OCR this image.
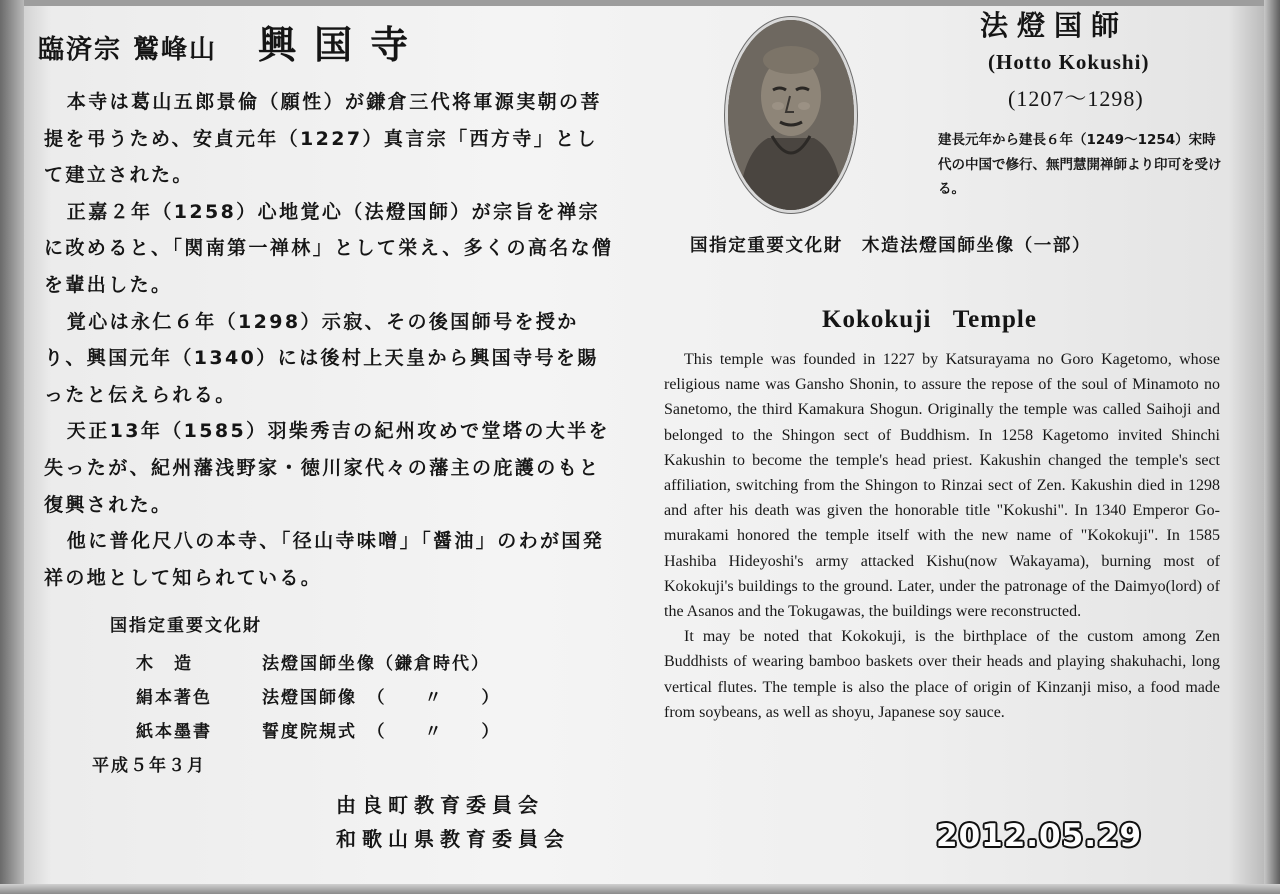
臨済宗 鷲峰山 興国寺

本寺は葛山五郎景倫（願性）が鎌倉三代将軍源実朝の菩提を弔うため、安貞元年（1227）真言宗「西方寺」として建立された。

正嘉２年（1258）心地覚心（法燈国師）が宗旨を禅宗に改めると、「関南第一禅林」として栄え、多くの高名な僧を輩出した。

覚心は永仁６年（1298）示寂、その後国師号を授かり、興国元年（1340）には後村上天皇から興国寺号を賜ったと伝えられる。

天正13年（1585）羽柴秀吉の紀州攻めで堂塔の大半を失ったが、紀州藩浅野家・徳川家代々の藩主の庇護のもと復興された。

他に普化尺八の本寺、「径山寺味噌」「醤油」のわが国発祥の地として知られている。

国指定重要文化財
木　造	法燈国師坐像（鎌倉時代）
絹本著色	法燈国師像　（　　〃　　）
紙本墨書	誓度院規式　（　　〃　　）
平成５年３月
由良町教育委員会
和歌山県教育委員会
法燈国師
(Hotto Kokushi)
(1207～1298)
建長元年から建長６年（1249～1254）宋時代の中国で修行、無門慧開禅師より印可を受ける。
国指定重要文化財　木造法燈国師坐像（一部）
Kokokuji   Temple

This temple was founded in 1227 by Katsurayama no Goro Kagetomo, whose religious name was Gansho Shonin, to assure the repose of the soul of Minamoto no Sanetomo, the third Kamakura Shogun. Originally the temple was called Saihoji and belonged to the Shingon sect of Buddhism. In 1258 Kagetomo invited Shinchi Kakushin to become the temple's head priest. Kakushin changed the temple's sect affiliation, switching from the Shingon to Rinzai sect of Zen. Kakushin died in 1298 and after his death was given the honorable title "Kokushi". In 1340 Emperor Go-murakami honored the temple itself with the new name of "Kokokuji". In 1585 Hashiba Hideyoshi's army attacked Kishu(now Wakayama), burning most of Kokokuji's buildings to the ground. Later, under the patronage of the Daimyo(lord) of the Asanos and the Tokugawas, the buildings were reconstructed.

It may be noted that Kokokuji, is the birthplace of the custom among Zen Buddhists of wearing bamboo baskets over their heads and playing shakuhachi, long vertical flutes. The temple is also the place of origin of Kinzanji miso, a food made from soybeans, as well as shoyu, Japanese soy sauce.

2012.05.29
